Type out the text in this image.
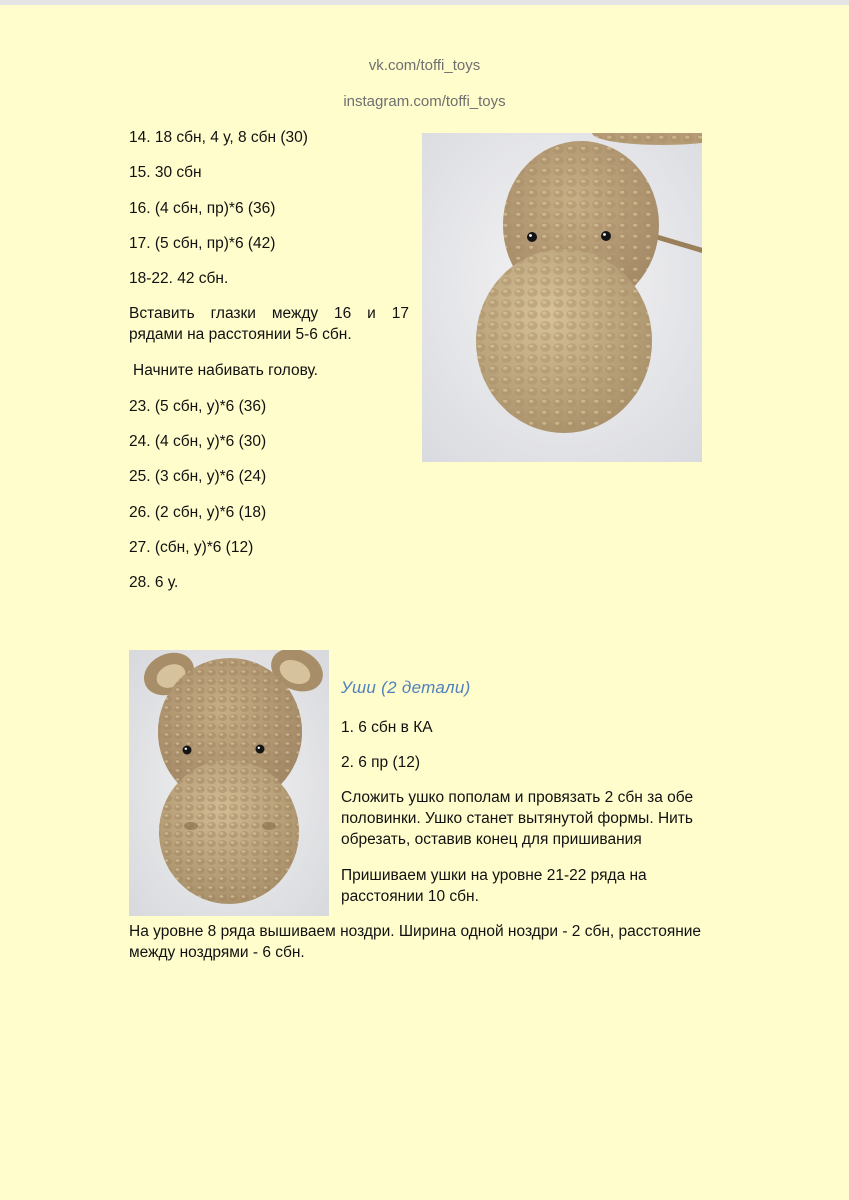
vk.com/toffi_toys
instagram.com/toffi_toys

14. 18 сбн, 4 у, 8 сбн (30)

15. 30 сбн

16. (4 сбн, пр)*6 (36)

17. (5 сбн, пр)*6 (42)

18-22. 42 сбн.

Вставить глазки между 16 и 17 рядами на расстоянии 5-6 сбн.

Начните набивать голову.

23. (5 сбн, у)*6 (36)

24. (4 сбн, у)*6 (30)

25. (3 сбн, у)*6 (24)

26. (2 сбн, у)*6 (18)

27. (сбн, у)*6 (12)

28. 6 у.

Уши (2 детали)

1. 6 сбн в КА

2. 6 пр (12)

Сложить ушко пополам и провязать 2 сбн за обе половинки. Ушко станет вытянутой формы. Нить обрезать, оставив конец для пришивания

Пришиваем ушки на уровне 21-22 ряда на расстоянии 10 сбн.

На уровне 8 ряда вышиваем ноздри. Ширина одной ноздри - 2 сбн, расстояние между ноздрями - 6 сбн.
